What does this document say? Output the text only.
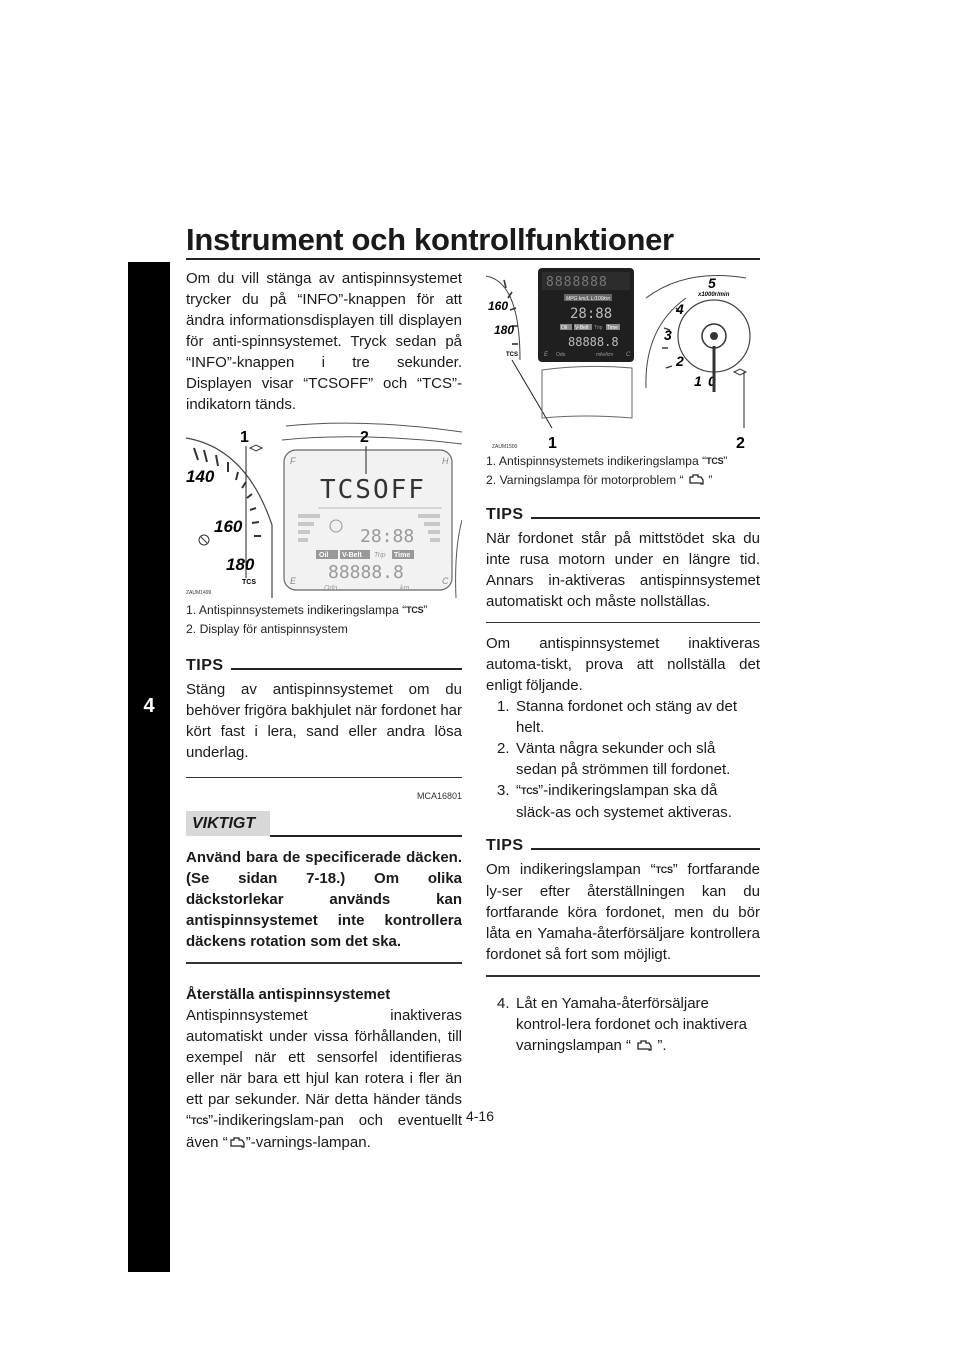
Instrument och kontrollfunktioner
4

Om du vill stänga av antispinnsystemet trycker du på “INFO”-knappen för att ändra informationsdisplayen till displayen för anti-spinnsystemet. Tryck sedan på “INFO”-knappen i tre sekunder. Displayen visar “TCSOFF” och “TCS”-indikatorn tänds.

140
160
180
1
TCS
F	H
E	C
2
TCSOFF
28:88
Oil V-Belt Trip Time
88888.8
Odo	km
ZAUM1499
1. Antispinnsystemets indikeringslampa “TCS”
2. Display för antispinnsystem
TIPS

Stäng av antispinnsystemet om du behöver frigöra bakhjulet när fordonet har kört fast i lera, sand eller andra lösa underlag.

MCA16801
VIKTIGT

Använd bara de specificerade däcken. (Se sidan 7-18.) Om olika däckstorlekar används kan antispinnsystemet inte kontrollera däckens rotation som det ska.

Återställa antispinnsystemet

Antispinnsystemet inaktiveras automatiskt under vissa förhållanden, till exempel när ett sensorfel identifieras eller när bara ett hjul kan rotera i fler än ett par sekunder. När detta händer tänds “TCS”-indikeringslam-pan och eventuellt även “ ”-varnings-lampan.

160
180
TCS
1
8888888
MPG km/L L/100km
28:88
Oil V-Belt Trip Time
88888.8
E	C
Odo	mile/km
5
4
3
2
1 0
x1000r/min
2
ZAUM1500
1. Antispinnsystemets indikeringslampa “TCS”
2. Varningslampa för motorproblem “
”
TIPS

När fordonet står på mittstödet ska du inte rusa motorn under en längre tid. Annars in-aktiveras antispinnsystemet automatiskt och måste nollställas.

Om antispinnsystemet inaktiveras automa-tiskt, prova att nollställa det enligt följande.

1. Stanna fordonet och stäng av det helt.
2. Vänta några sekunder och slå sedan på strömmen till fordonet.
3. “TCS”-indikeringslampan ska då släck-as och systemet aktiveras.
TIPS

Om indikeringslampan “TCS” fortfarande ly-ser efter återställningen kan du fortfarande köra fordonet, men du bör låta en Yamaha-återförsäljare kontrollera fordonet så fort som möjligt.

4. Låt en Yamaha-återförsäljare kontrol-lera fordonet och inaktivera varningslampan “
”.
4-16
